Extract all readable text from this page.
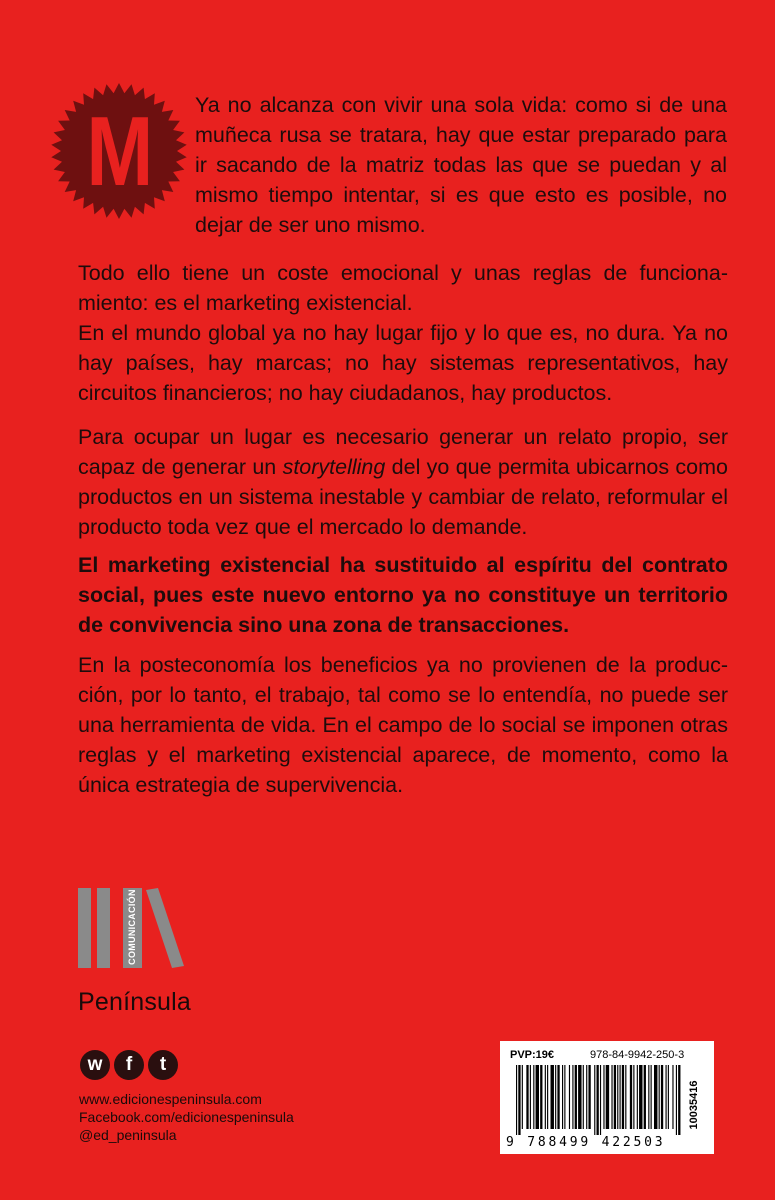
M	Ya no alcanza con vivir una sola vida: como si de una muñeca rusa se tratara, hay que estar preparado para ir sacando de la matriz todas las que se puedan y al mismo tiempo intentar, si es que esto es posible, no dejar de ser uno mismo.

Todo ello tiene un coste emocional y unas reglas de funcionamiento: es el marketing existencial.

En el mundo global ya no hay lugar fijo y lo que es, no dura. Ya no hay países, hay marcas; no hay sistemas representativos, hay circuitos financieros; no hay ciudadanos, hay productos.

Para ocupar un lugar es necesario generar un relato propio, ser capaz de generar un storytelling del yo que permita ubicarnos como productos en un sistema inestable y cambiar de relato, reformular el producto toda vez que el mercado lo demande.

El marketing existencial ha sustituido al espíritu del contrato social, pues este nuevo entorno ya no constituye un territorio de convivencia sino una zona de transacciones.

En la posteconomía los beneficios ya no provienen de la producción, por lo tanto, el trabajo, tal como se lo entendía, no puede ser una herramienta de vida. En el campo de lo social se imponen otras reglas y el marketing existencial aparece, de momento, como la única estrategia de supervivencia.

COMUNICACIÓN
Península
w	f	t
www.edicionespeninsula.com
Facebook.com/edicionespeninsula
@ed_peninsula
PVP:19€	978-84-9942-250-3
9 788499 422503
10035416
